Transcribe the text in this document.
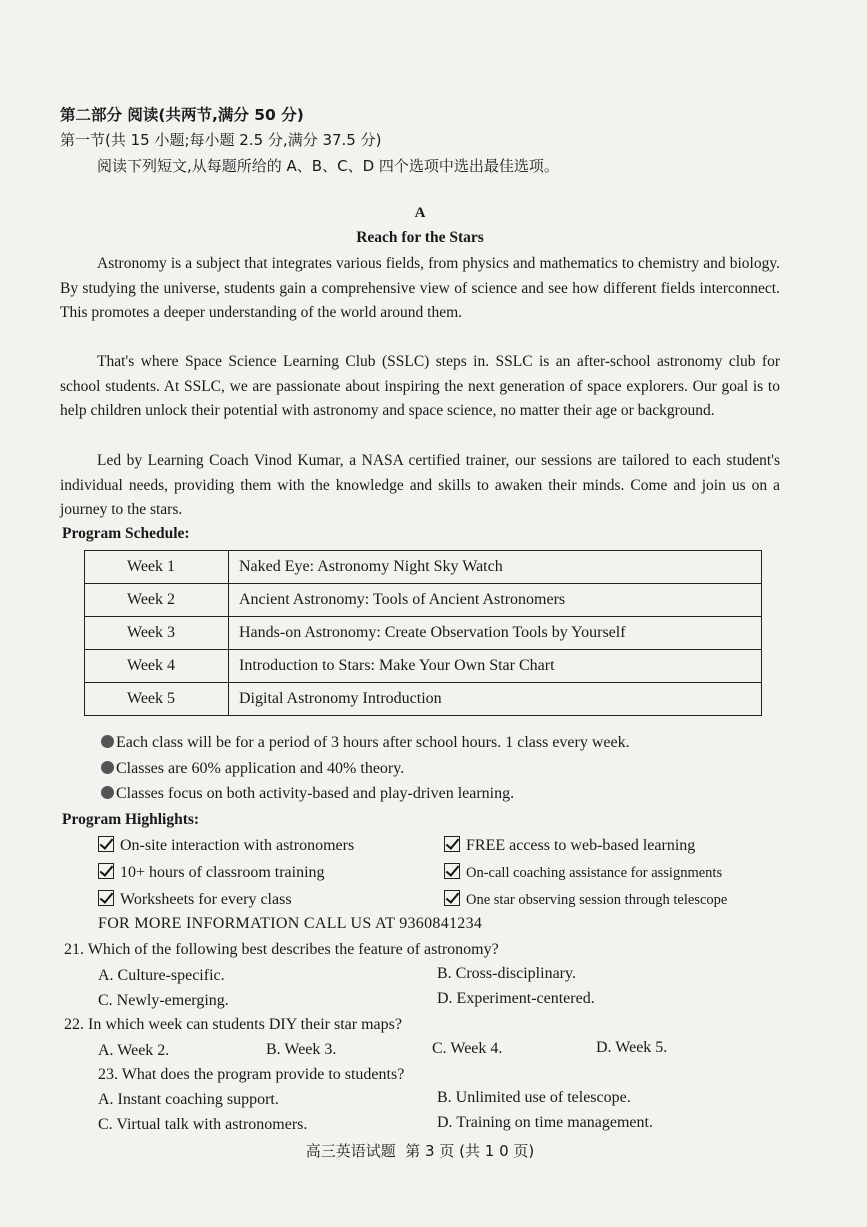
第二部分 阅读(共两节,满分 50 分)
第一节(共 15 小题;每小题 2.5 分,满分 37.5 分)
阅读下列短文,从每题所给的 A、B、C、D 四个选项中选出最佳选项。
A
Reach for the Stars
Astronomy is a subject that integrates various fields, from physics and mathematics to chemistry and biology. By studying the universe, students gain a comprehensive view of science and see how different fields interconnect. This promotes a deeper understanding of the world around them.
That's where Space Science Learning Club (SSLC) steps in. SSLC is an after-school astronomy club for school students. At SSLC, we are passionate about inspiring the next generation of space explorers. Our goal is to help children unlock their potential with astronomy and space science, no matter their age or background.
Led by Learning Coach Vinod Kumar, a NASA certified trainer, our sessions are tailored to each student's individual needs, providing them with the knowledge and skills to awaken their minds. Come and join us on a journey to the stars.
Program Schedule:
Week 1	Naked Eye: Astronomy Night Sky Watch
Week 2	Ancient Astronomy: Tools of Ancient Astronomers
Week 3	Hands-on Astronomy: Create Observation Tools by Yourself
Week 4	Introduction to Stars: Make Your Own Star Chart
Week 5	Digital Astronomy Introduction
Each class will be for a period of 3 hours after school hours. 1 class every week.
Classes are 60% application and 40% theory.
Classes focus on both activity-based and play-driven learning.
Program Highlights:
On-site interaction with astronomers
10+ hours of classroom training
Worksheets for every class
FREE access to web-based learning
On-call coaching assistance for assignments
One star observing session through telescope
FOR MORE INFORMATION CALL US AT 9360841234
21. Which of the following best describes the feature of astronomy?
A. Culture-specific.	B. Cross-disciplinary.
C. Newly-emerging.	D. Experiment-centered.
22. In which week can students DIY their star maps?
A. Week 2.	B. Week 3.	C. Week 4.	D. Week 5.
23. What does the program provide to students?
A. Instant coaching support.	B. Unlimited use of telescope.
C. Virtual talk with astronomers.	D. Training on time management.
高三英语试题  第 3 页 (共 1 0 页)
